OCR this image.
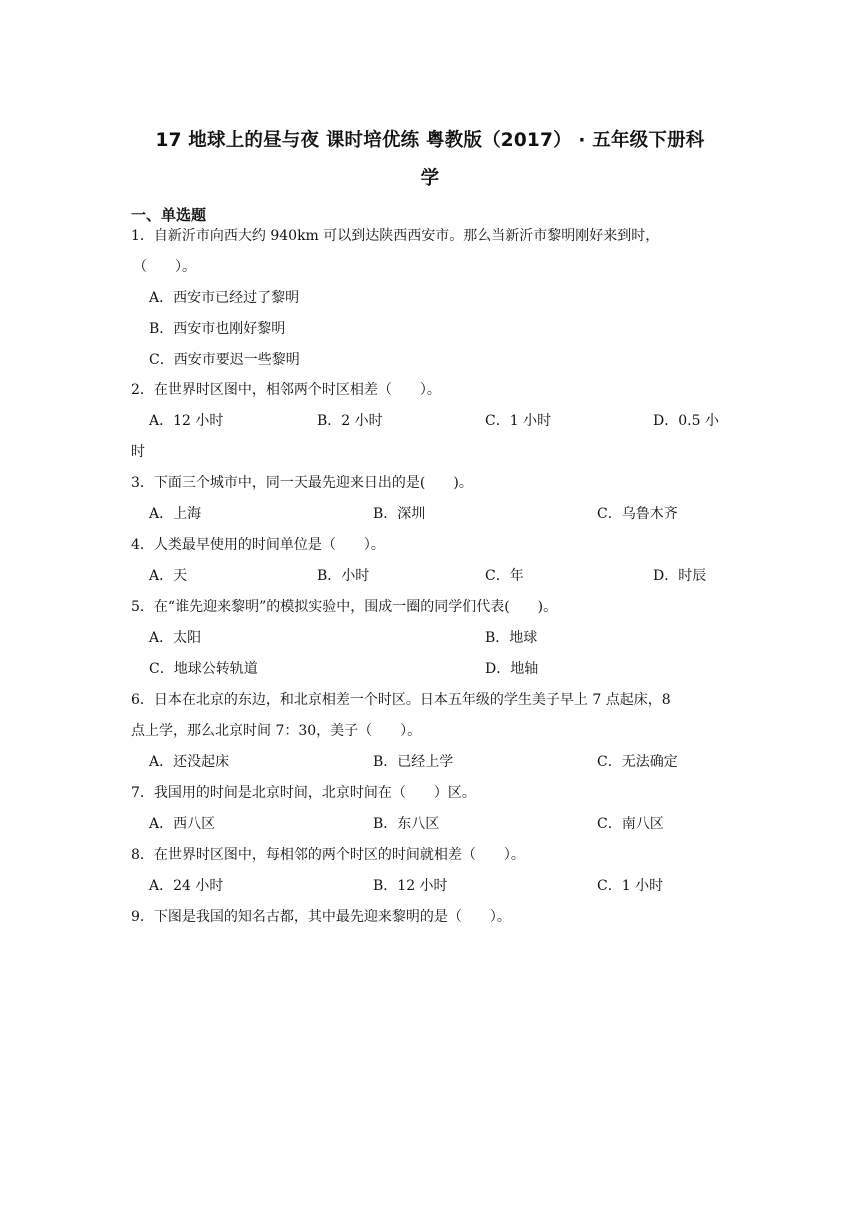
17 地球上的昼与夜 课时培优练 粤教版（2017） · 五年级下册科
学
一、单选题
1．自新沂市向西大约 940km 可以到达陕西西安市。那么当新沂市黎明刚好来到时，
（　　）。
A．西安市已经过了黎明
B．西安市也刚好黎明
C．西安市要迟一些黎明
2．在世界时区图中，相邻两个时区相差（　　）。
A．12 小时	B．2 小时	C．1 小时	D．0.5 小
时
3．下面三个城市中，同一天最先迎来日出的是(　　)。
A．上海	B．深圳	C．乌鲁木齐
4．人类最早使用的时间单位是（　　）。
A．天	B．小时	C．年	D．时辰
5．在“谁先迎来黎明”的模拟实验中，围成一圈的同学们代表(　　)。
A．太阳	B．地球
C．地球公转轨道	D．地轴
6．日本在北京的东边，和北京相差一个时区。日本五年级的学生美子早上 7 点起床，8
点上学，那么北京时间 7：30，美子（　　）。
A．还没起床	B．已经上学	C．无法确定
7．我国用的时间是北京时间，北京时间在（　　）区。
A．西八区	B．东八区	C．南八区
8．在世界时区图中，每相邻的两个时区的时间就相差（　　）。
A．24 小时	B．12 小时	C．1 小时
9．下图是我国的知名古都，其中最先迎来黎明的是（　　）。
